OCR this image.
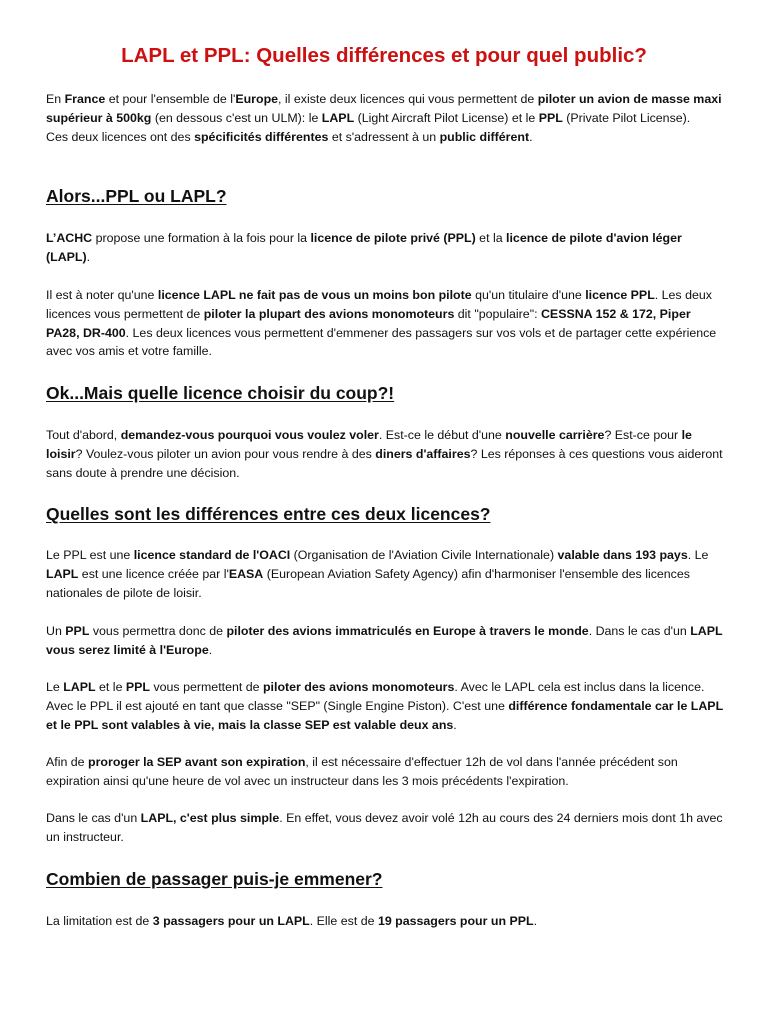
LAPL et PPL: Quelles différences et pour quel public?
En France et pour l'ensemble de l'Europe, il existe deux licences qui vous permettent de piloter un avion de masse maxi supérieur à 500kg (en dessous c'est un ULM): le LAPL (Light Aircraft Pilot License) et le PPL (Private Pilot License).
Ces deux licences ont des spécificités différentes et s'adressent à un public différent.
Alors...PPL ou LAPL?

L’ACHC propose une formation à la fois pour la licence de pilote privé (PPL) et la licence de pilote d'avion léger (LAPL).

Il est à noter qu'une licence LAPL ne fait pas de vous un moins bon pilote qu'un titulaire d'une licence PPL. Les deux licences vous permettent de piloter la plupart des avions monomoteurs dit "populaire": CESSNA 152 & 172, Piper PA28, DR-400. Les deux licences vous permettent d'emmener des passagers sur vos vols et de partager cette expérience avec vos amis et votre famille.

Ok...Mais quelle licence choisir du coup?!

Tout d'abord, demandez-vous pourquoi vous voulez voler. Est-ce le début d'une nouvelle carrière? Est-ce pour le loisir? Voulez-vous piloter un avion pour vous rendre à des diners d'affaires? Les réponses à ces questions vous aideront sans doute à prendre une décision.

Quelles sont les différences entre ces deux licences?

Le PPL est une licence standard de l'OACI (Organisation de l'Aviation Civile Internationale) valable dans 193 pays. Le LAPL est une licence créée par l'EASA (European Aviation Safety Agency) afin d'harmoniser l'ensemble des licences nationales de pilote de loisir.

Un PPL vous permettra donc de piloter des avions immatriculés en Europe à travers le monde. Dans le cas d'un LAPL vous serez limité à l'Europe.

Le LAPL et le PPL vous permettent de piloter des avions monomoteurs. Avec le LAPL cela est inclus dans la licence. Avec le PPL il est ajouté en tant que classe "SEP" (Single Engine Piston). C'est une différence fondamentale car le LAPL et le PPL sont valables à vie, mais la classe SEP est valable deux ans.

Afin de proroger la SEP avant son expiration, il est nécessaire d'effectuer 12h de vol dans l'année précédent son expiration ainsi qu'une heure de vol avec un instructeur dans les 3 mois précédents l'expiration.

Dans le cas d'un LAPL, c'est plus simple. En effet, vous devez avoir volé 12h au cours des 24 derniers mois dont 1h avec un instructeur.

Combien de passager puis-je emmener?

La limitation est de 3 passagers pour un LAPL. Elle est de 19 passagers pour un PPL.
